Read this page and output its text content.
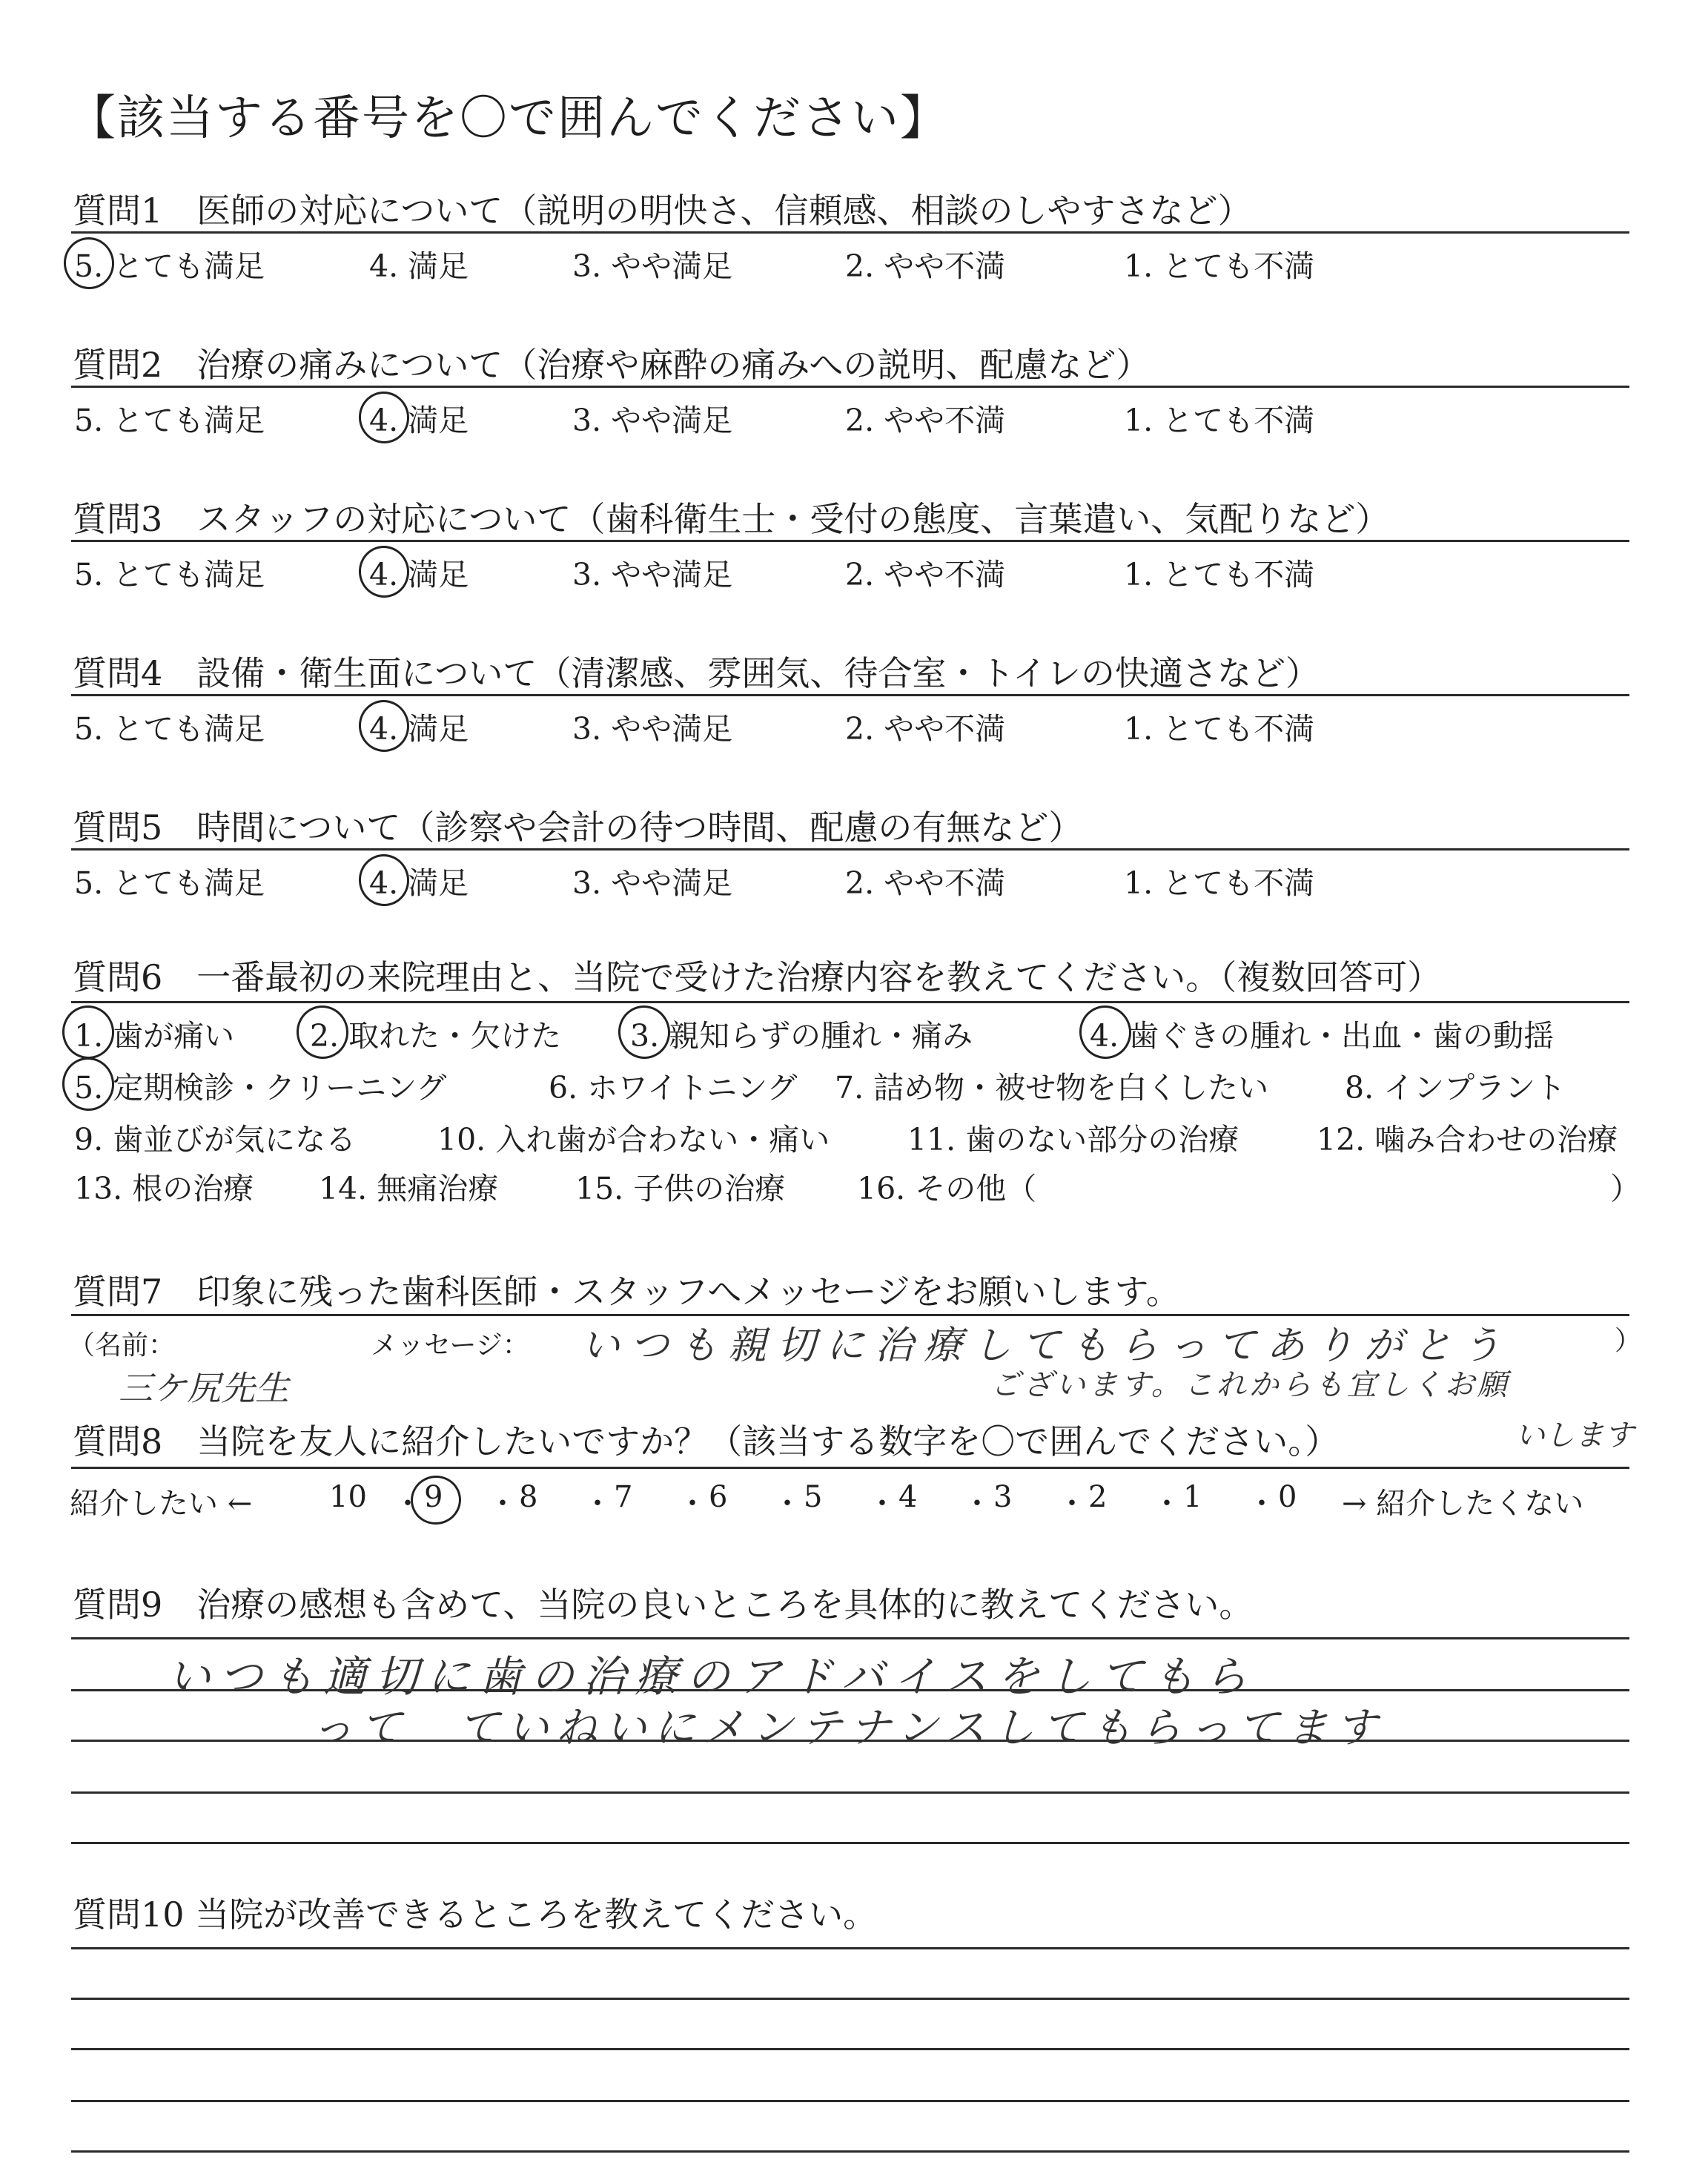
【該当する番号を〇で囲んでください】
質問1　医師の対応について（説明の明快さ、信頼感、相談のしやすさなど）
5. とても満足	4. 満足	3. やや満足	2. やや不満	1. とても不満
質問2　治療の痛みについて（治療や麻酔の痛みへの説明、配慮など）
5. とても満足	4. 満足	3. やや満足	2. やや不満	1. とても不満
質問3　スタッフの対応について（歯科衛生士・受付の態度、言葉遣い、気配りなど）
5. とても満足	4. 満足	3. やや満足	2. やや不満	1. とても不満
質問4　設備・衛生面について（清潔感、雰囲気、待合室・トイレの快適さなど）
5. とても満足	4. 満足	3. やや満足	2. やや不満	1. とても不満
質問5　時間について（診察や会計の待つ時間、配慮の有無など）
5. とても満足	4. 満足	3. やや満足	2. やや不満	1. とても不満
質問6　一番最初の来院理由と、当院で受けた治療内容を教えてください。（複数回答可）
1. 歯が痛い 2. 取れた・欠けた 3. 親知らずの腫れ・痛み	4. 歯ぐきの腫れ・出血・歯の動揺
5. 定期検診・クリーニング	6. ホワイトニング 7. 詰め物・被せ物を白くしたい	8. インプラント
9. 歯並びが気になる	10. 入れ歯が合わない・痛い	11. 歯のない部分の治療	12. 噛み合わせの治療
13. 根の治療 14. 無痛治療	15. 子供の治療 16. その他（	）
質問7　印象に残った歯科医師・スタッフへメッセージをお願いします。
（名前：	メッセージ：	）
三ケ尻先生
いつも親切に治療してもらってありがとう
ございます。これからも宜しくお願
いします
質問8　当院を友人に紹介したいですか？（該当する数字を〇で囲んでください。）
紹介したい ←	→ 紹介したくない
10 ・ 9 ・ 8 ・ 7 ・ 6 ・ 5 ・ 4 ・ 3 ・ 2 ・ 1 ・ 0
質問9　治療の感想も含めて、当院の良いところを具体的に教えてください。
いつも適切に歯の治療のアドバイスをしてもら
って　ていねいにメンテナンスしてもらってます
質問10 当院が改善できるところを教えてください。
